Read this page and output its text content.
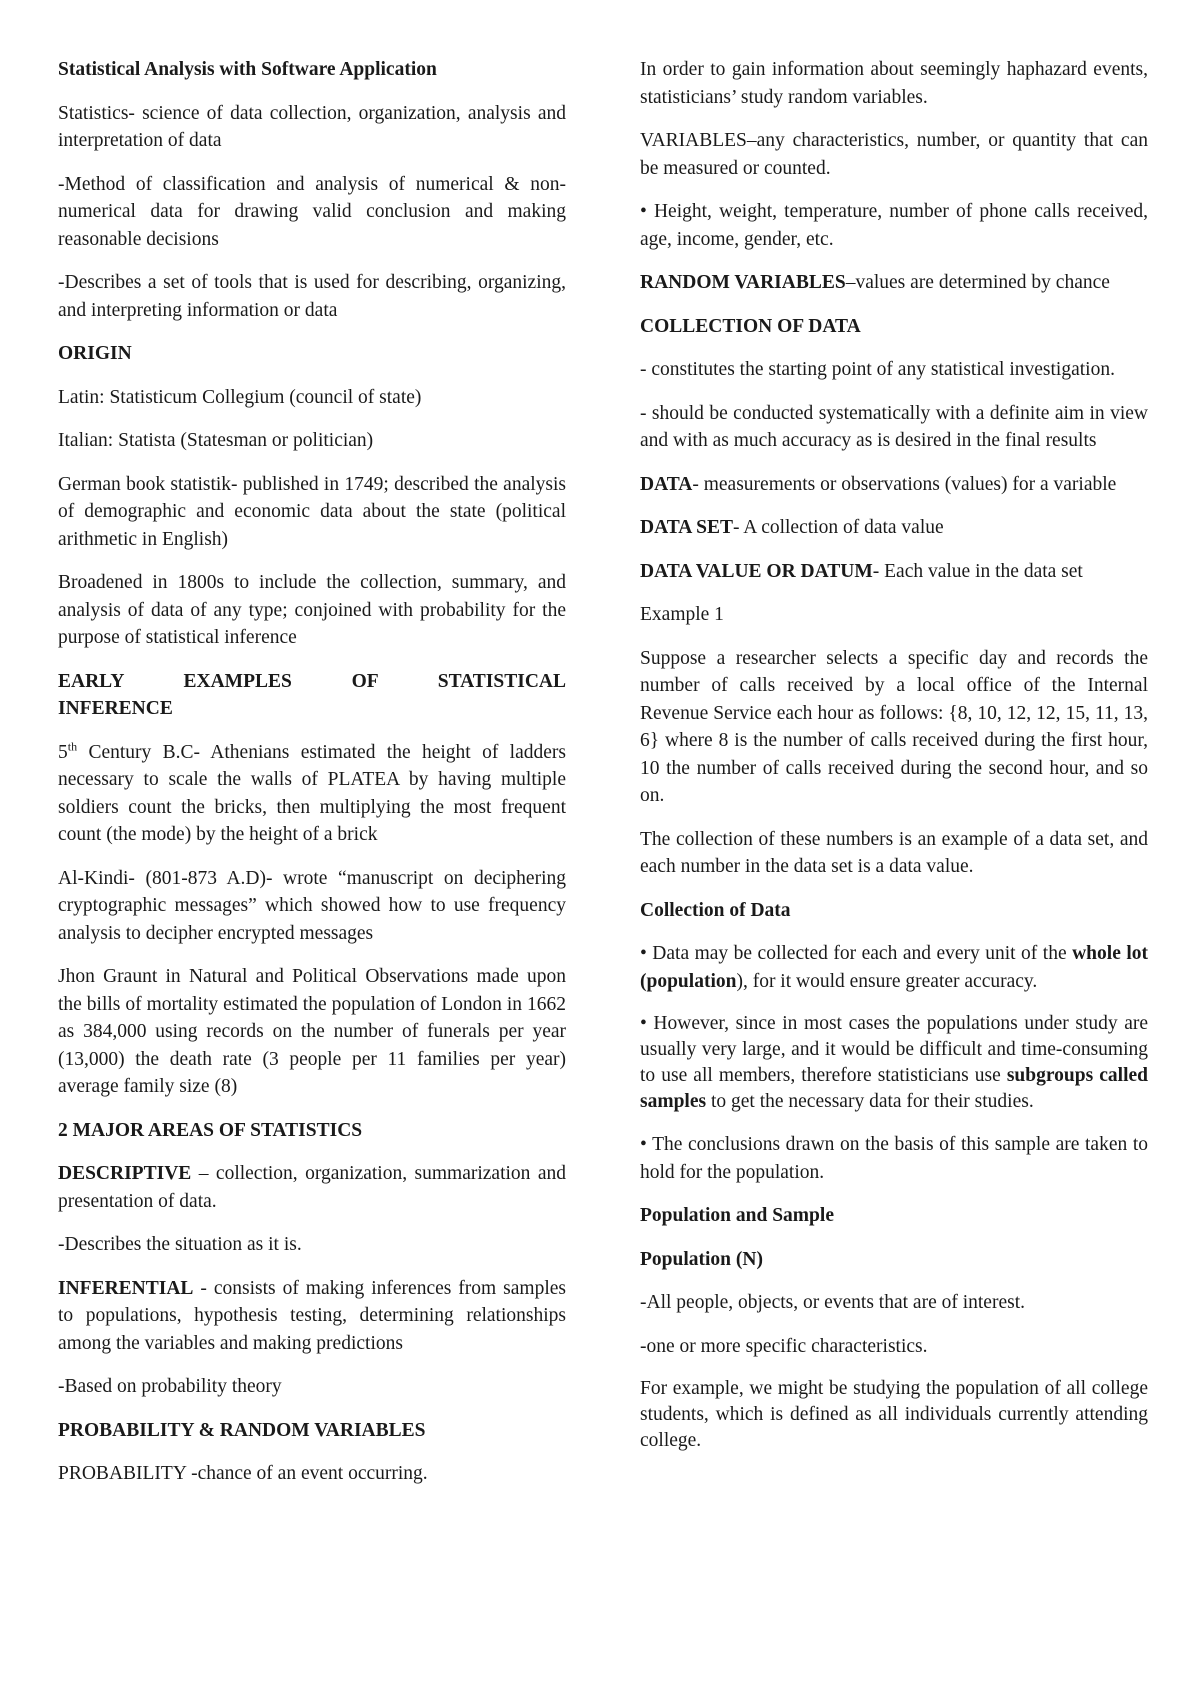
Statistical Analysis with Software Application

Statistics- science of data collection, organization, analysis and interpretation of data

-Method of classification and analysis of numerical & non-numerical data for drawing valid conclusion and making reasonable decisions

-Describes a set of tools that is used for describing, organizing, and interpreting information or data

ORIGIN

Latin: Statisticum Collegium (council of state)

Italian: Statista (Statesman or politician)

German book statistik- published in 1749; described the analysis of demographic and economic data about the state (political arithmetic in English)

Broadened in 1800s to include the collection, summary, and analysis of data of any type; conjoined with probability for the purpose of statistical inference

EARLY EXAMPLES OF STATISTICAL

INFERENCE

5th Century B.C- Athenians estimated the height of ladders necessary to scale the walls of PLATEA by having multiple soldiers count the bricks, then multiplying the most frequent count (the mode) by the height of a brick

Al-Kindi- (801-873 A.D)- wrote “manuscript on deciphering cryptographic messages” which showed how to use frequency analysis to decipher encrypted messages

Jhon Graunt in Natural and Political Observations made upon the bills of mortality estimated the population of London in 1662 as 384,000 using records on the number of funerals per year (13,000) the death rate (3 people per 11 families per year) average family size (8)

2 MAJOR AREAS OF STATISTICS

DESCRIPTIVE – collection, organization, summarization and presentation of data.

-Describes the situation as it is.

INFERENTIAL - consists of making inferences from samples to populations, hypothesis testing, determining relationships among the variables and making predictions

-Based on probability theory

PROBABILITY & RANDOM VARIABLES

PROBABILITY -chance of an event occurring.

In order to gain information about seemingly haphazard events, statisticians’ study random variables.

VARIABLES–any characteristics, number, or quantity that can be measured or counted.

• Height, weight, temperature, number of phone calls received, age, income, gender, etc.

RANDOM VARIABLES–values are determined by chance

COLLECTION OF DATA

- constitutes the starting point of any statistical investigation.

- should be conducted systematically with a definite aim in view and with as much accuracy as is desired in the final results

DATA- measurements or observations (values) for a variable

DATA SET- A collection of data value

DATA VALUE OR DATUM- Each value in the data set

Example 1

Suppose a researcher selects a specific day and records the number of calls received by a local office of the Internal Revenue Service each hour as follows: {8, 10, 12, 12, 15, 11, 13, 6} where 8 is the number of calls received during the first hour, 10 the number of calls received during the second hour, and so on.

The collection of these numbers is an example of a data set, and each number in the data set is a data value.

Collection of Data

• Data may be collected for each and every unit of the whole lot (population), for it would ensure greater accuracy.

• However, since in most cases the populations under study are usually very large, and it would be difficult and time-consuming to use all members, therefore statisticians use subgroups called samples to get the necessary data for their studies.

• The conclusions drawn on the basis of this sample are taken to hold for the population.

Population and Sample

Population (N)

-All people, objects, or events that are of interest.

-one or more specific characteristics.

For example, we might be studying the population of all college students, which is defined as all individuals currently attending college.
